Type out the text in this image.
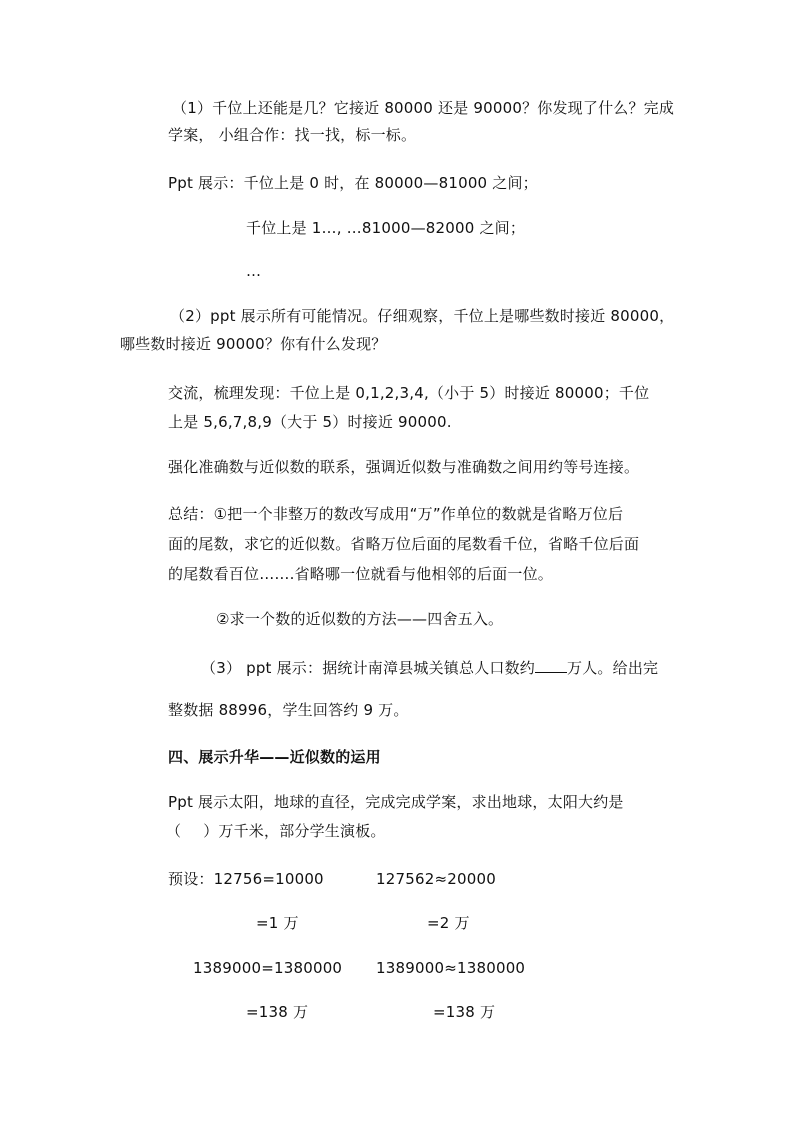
（1）千位上还能是几？它接近 80000 还是 90000？你发现了什么？完成
学案， 小组合作：找一找，标一标。
Ppt 展示：千位上是 0 时，在 80000—81000 之间；
千位上是 1…, …81000—82000 之间；
…
（2）ppt 展示所有可能情况。仔细观察，千位上是哪些数时接近 80000，
哪些数时接近 90000？你有什么发现？
交流，梳理发现：千位上是 0,1,2,3,4,（小于 5）时接近 80000；千位
上是 5,6,7,8,9（大于 5）时接近 90000.
强化准确数与近似数的联系，强调近似数与准确数之间用约等号连接。
总结：①把一个非整万的数改写成用“万”作单位的数就是省略万位后
面的尾数，求它的近似数。省略万位后面的尾数看千位，省略千位后面
的尾数看百位…….省略哪一位就看与他相邻的后面一位。
②求一个数的近似数的方法——四舍五入。
（3） ppt 展示：据统计南漳县城关镇总人口数约 万人。给出完
整数据 88996，学生回答约 9 万。
四、展示升华——近似数的运用
Ppt 展示太阳，地球的直径，完成完成学案，求出地球，太阳大约是
（ ）万千米，部分学生演板。
预设：12756=10000	127562≈20000
=1 万	=2 万
1389000=1380000 1389000≈1380000
=138 万	=138 万
